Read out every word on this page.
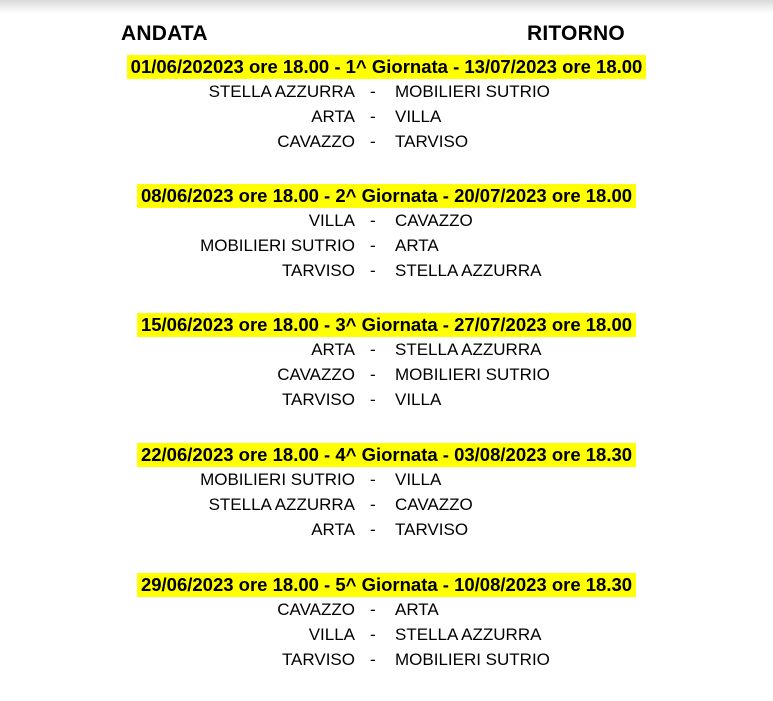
ANDATA	RITORNO
01/06/202023 ore 18.00 - 1^ Giornata - 13/07/2023 ore 18.00
STELLA AZZURRA - MOBILIERI SUTRIO
ARTA - VILLA
CAVAZZO - TARVISO
08/06/2023 ore 18.00 - 2^ Giornata - 20/07/2023 ore 18.00
VILLA - CAVAZZO
MOBILIERI SUTRIO - ARTA
TARVISO - STELLA AZZURRA
15/06/2023 ore 18.00 - 3^ Giornata - 27/07/2023 ore 18.00
ARTA - STELLA AZZURRA
CAVAZZO - MOBILIERI SUTRIO
TARVISO - VILLA
22/06/2023 ore 18.00 - 4^ Giornata - 03/08/2023 ore 18.30
MOBILIERI SUTRIO - VILLA
STELLA AZZURRA - CAVAZZO
ARTA - TARVISO
29/06/2023 ore 18.00 - 5^ Giornata - 10/08/2023 ore 18.30
CAVAZZO - ARTA
VILLA - STELLA AZZURRA
TARVISO - MOBILIERI SUTRIO
